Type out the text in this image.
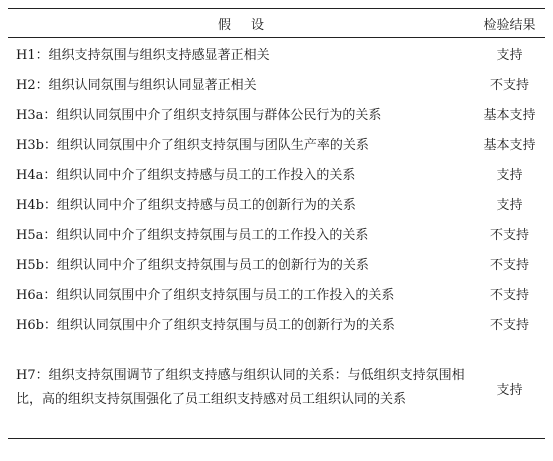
假设	检验结果
H1：组织支持氛围与组织支持感显著正相关	支持
H2：组织认同氛围与组织认同显著正相关	不支持
H3a：组织认同氛围中介了组织支持氛围与群体公民行为的关系	基本支持
H3b：组织认同氛围中介了组织支持氛围与团队生产率的关系	基本支持
H4a：组织认同中介了组织支持感与员工的工作投入的关系	支持
H4b：组织认同中介了组织支持感与员工的创新行为的关系	支持
H5a：组织认同中介了组织支持氛围与员工的工作投入的关系	不支持
H5b：组织认同中介了组织支持氛围与员工的创新行为的关系	不支持
H6a：组织认同氛围中介了组织支持氛围与员工的工作投入的关系	不支持
H6b：组织认同氛围中介了组织支持氛围与员工的创新行为的关系	不支持
H7：组织支持氛围调节了组织支持感与组织认同的关系：与低组织支持氛围相比，高的组织支持氛围强化了员工组织支持感对员工组织认同的关系	支持
